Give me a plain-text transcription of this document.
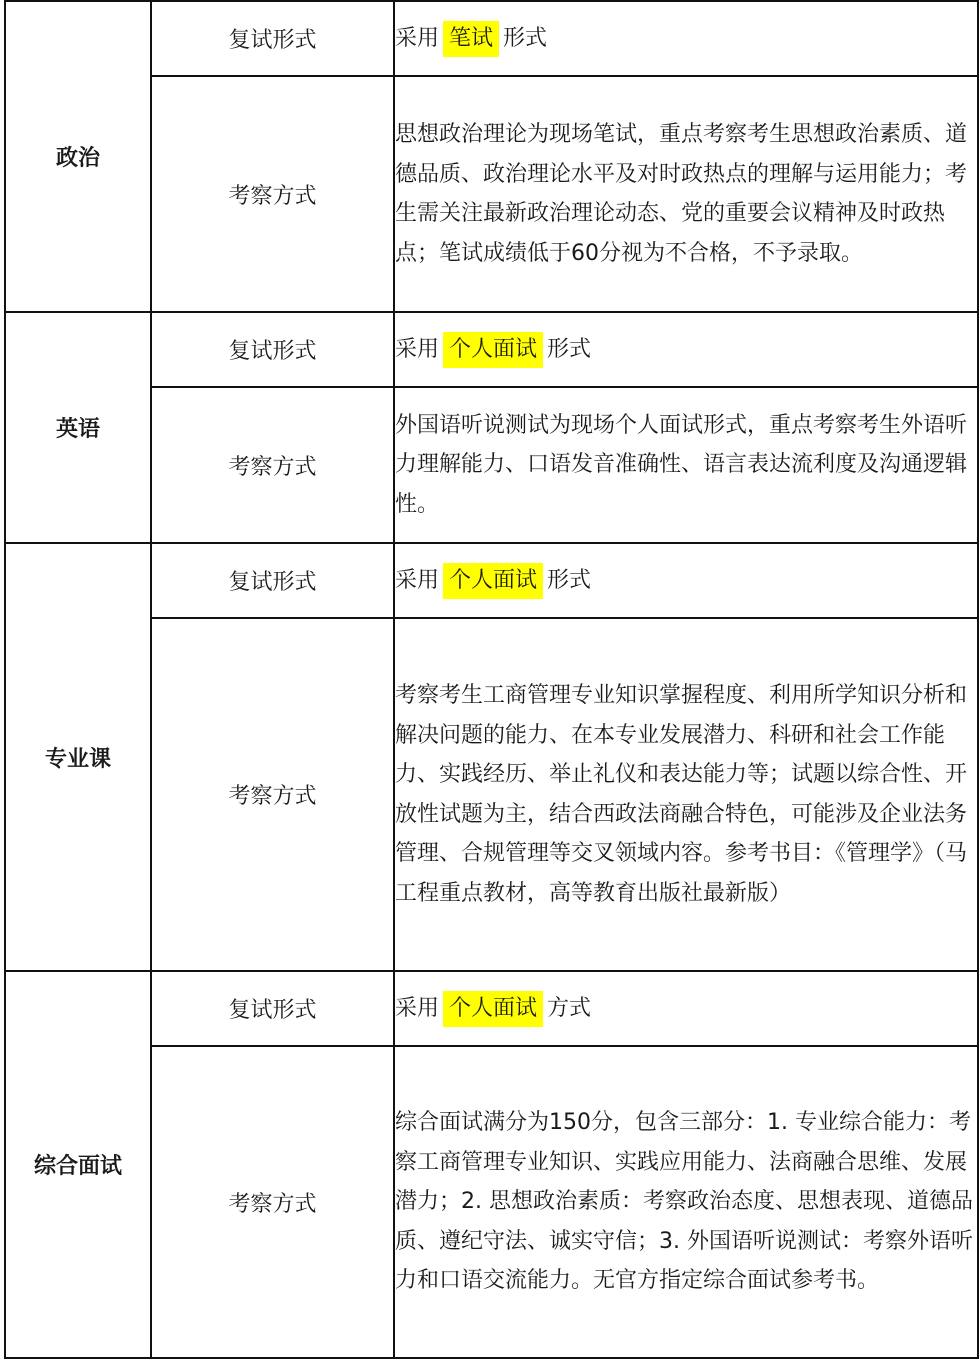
政治	复试形式	采用 笔试 形式
	考察方式	思想政治理论为现场笔试，重点考察考生思想政治素质、道德品质、政治理论水平及对时政热点的理解与运用能力；考生需关注最新政治理论动态、党的重要会议精神及时政热点；笔试成绩低于60分视为不合格，不予录取。
英语	复试形式	采用 个人面试 形式
	考察方式	外国语听说测试为现场个人面试形式，重点考察考生外语听力理解能力、口语发音准确性、语言表达流利度及沟通逻辑性。
专业课	复试形式	采用 个人面试 形式
	考察方式	考察考生工商管理专业知识掌握程度、利用所学知识分析和解决问题的能力、在本专业发展潜力、科研和社会工作能力、实践经历、举止礼仪和表达能力等；试题以综合性、开放性试题为主，结合西政法商融合特色，可能涉及企业法务管理、合规管理等交叉领域内容。参考书目：《管理学》（马工程重点教材，高等教育出版社最新版）
综合面试	复试形式	采用 个人面试 方式
	考察方式	综合面试满分为150分，包含三部分：1. 专业综合能力：考察工商管理专业知识、实践应用能力、法商融合思维、发展潜力；2. 思想政治素质：考察政治态度、思想表现、道德品质、遵纪守法、诚实守信；3. 外国语听说测试：考察外语听力和口语交流能力。无官方指定综合面试参考书。
